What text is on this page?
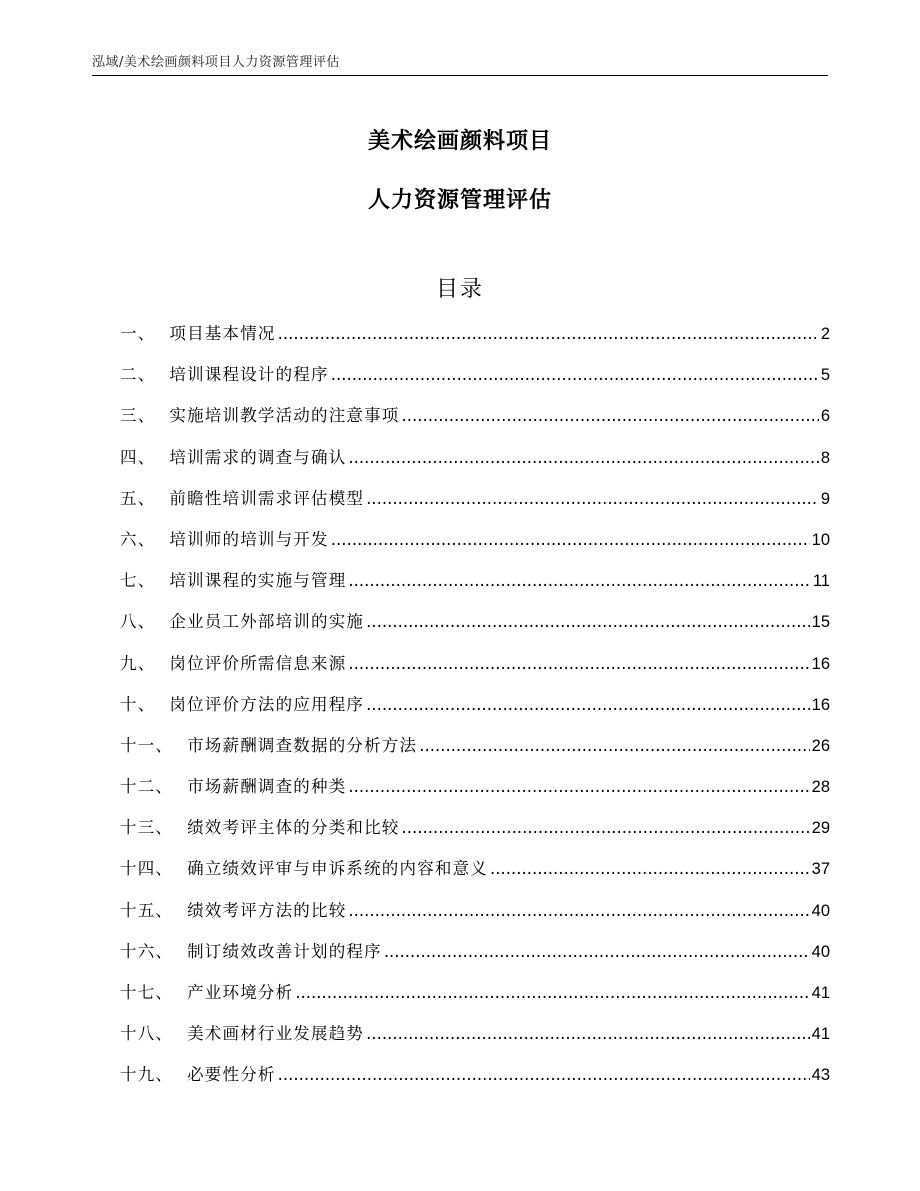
泓域/美术绘画颜料项目人力资源管理评估
美术绘画颜料项目
人力资源管理评估
目录
一、 项目基本情况 .....	2
二、 培训课程设计的程序 .....	5
三、 实施培训教学活动的注意事项 .....	6
四、 培训需求的调查与确认 .....	8
五、 前瞻性培训需求评估模型 .....	9
六、 培训师的培训与开发 .....	10
七、 培训课程的实施与管理 .....	11
八、 企业员工外部培训的实施 .....	15
九、 岗位评价所需信息来源 .....	16
十、 岗位评价方法的应用程序 .....	16
十一、 市场薪酬调查数据的分析方法 .....	26
十二、 市场薪酬调查的种类 .....	28
十三、 绩效考评主体的分类和比较 .....	29
十四、 确立绩效评审与申诉系统的内容和意义 .....	37
十五、 绩效考评方法的比较 .....	40
十六、 制订绩效改善计划的程序 .....	40
十七、 产业环境分析 .....	41
十八、 美术画材行业发展趋势 .....	41
十九、 必要性分析 .....	43
